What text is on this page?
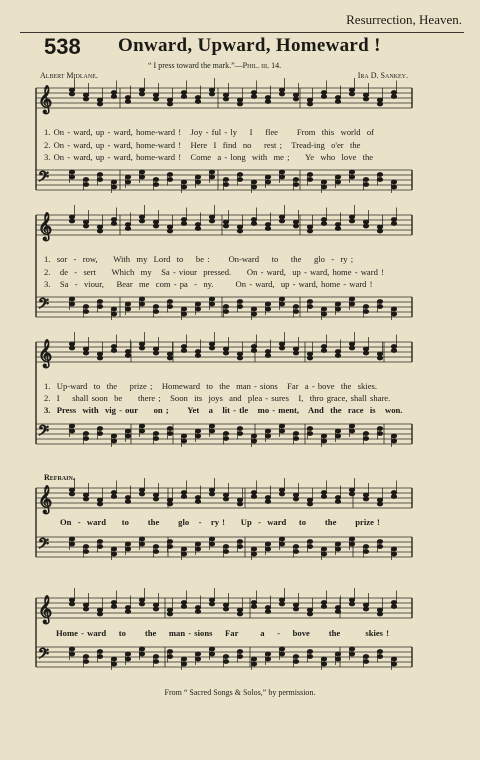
Resurrection, Heaven.
538 Onward, Upward, Homeward !
“ I press toward the mark.”—Phil. iii. 14.
Albert Midlane.	Ira D. Sankey.
𝄞
𝄢
𝄞
𝄢
𝄞
𝄢
𝄞
𝄢
𝄞
𝄢
1. On - ward, up - ward, home-ward !   Joy - ful - ly    I    flee      From  this  world  of
2. On - ward, up - ward, home-ward !   Here  I  find  no    rest ;   Tread-ing  o'er  the
3. On - ward, up - ward, home-ward !   Come  a - long  with  me ;     Ye  who  love  the
1.  sor  -  row,     With  my  Lord  to    be :      On-ward    to    the    glo  -  ry ;
2.   de  -  sert     Which  my   Sa - viour  pressed.     On - ward,  up - ward, home - ward !
3.   Sa  -  viour,    Bear  me  com - pa  -  ny.       On - ward,  up - ward, home - ward !
1.  Up-ward  to  the    prize ;   Homeward  to  the  man - sions   Far  a - bove  the  skies.
2.  I    shall soon  be     there ;   Soon  its  joys  and  plea - sures   I,  thro grace, shall share.
3.  Press  with  vig - our     on ;      Yet   a   lit - tle   mo - ment,   And  the  race  is   won.
Refrain.
On  -  ward     to      the      glo   -   ry !     Up  -  ward    to      the      prize !
Home - ward    to      the    man - sions    Far       a    -    bove      the        skies !
From “ Sacred Songs & Solos,” by permission.
